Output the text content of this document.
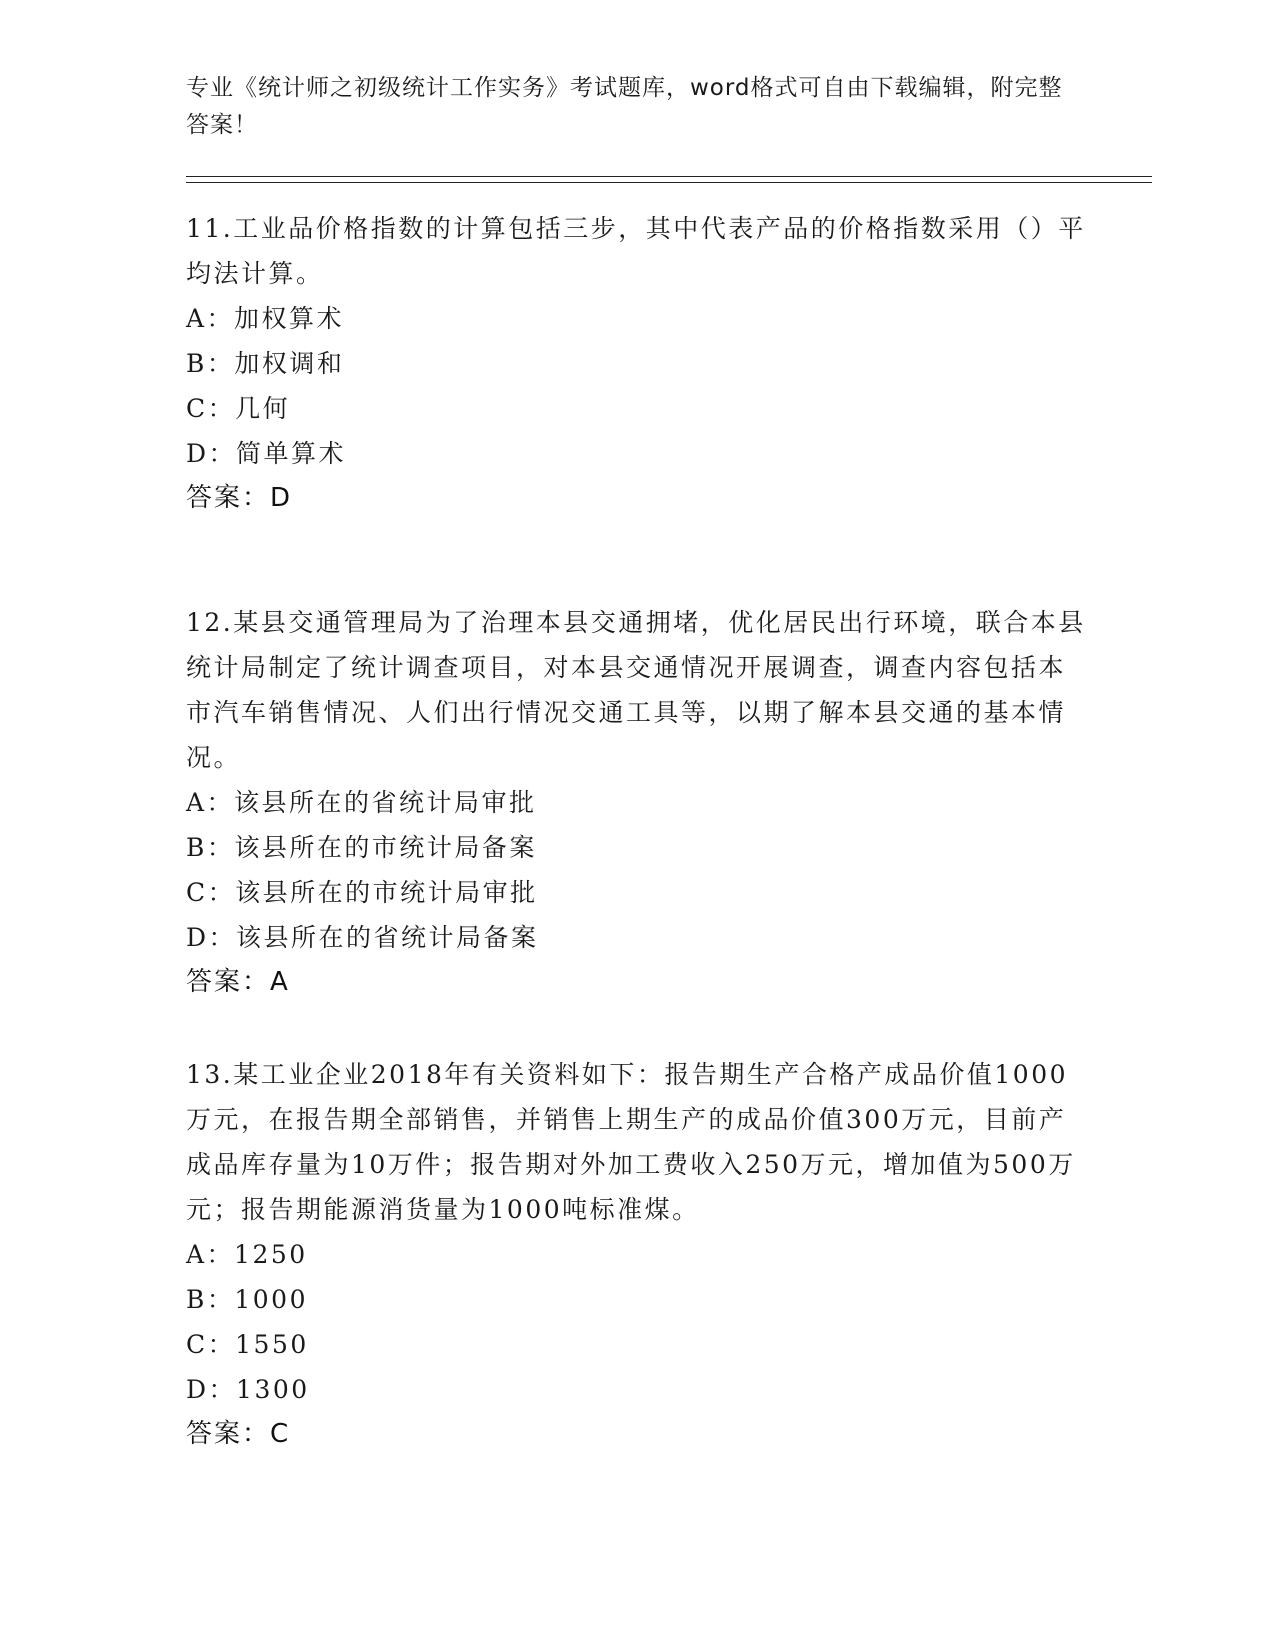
专业《统计师之初级统计工作实务》考试题库，word格式可自由下载编辑，附完整答案！

11.工业品价格指数的计算包括三步，其中代表产品的价格指数采用（）平均法计算。

A：加权算术

B：加权调和

C：几何

D：简单算术

答案：D

12.某县交通管理局为了治理本县交通拥堵，优化居民出行环境，联合本县统计局制定了统计调查项目，对本县交通情况开展调查，调查内容包括本市汽车销售情况、人们出行情况交通工具等，以期了解本县交通的基本情况。

A：该县所在的省统计局审批

B：该县所在的市统计局备案

C：该县所在的市统计局审批

D：该县所在的省统计局备案

答案：A

13.某工业企业2018年有关资料如下：报告期生产合格产成品价值1000万元，在报告期全部销售，并销售上期生产的成品价值300万元，目前产成品库存量为10万件；报告期对外加工费收入250万元，增加值为500万元；报告期能源消货量为1000吨标准煤。

A：1250

B：1000

C：1550

D：1300

答案：C
